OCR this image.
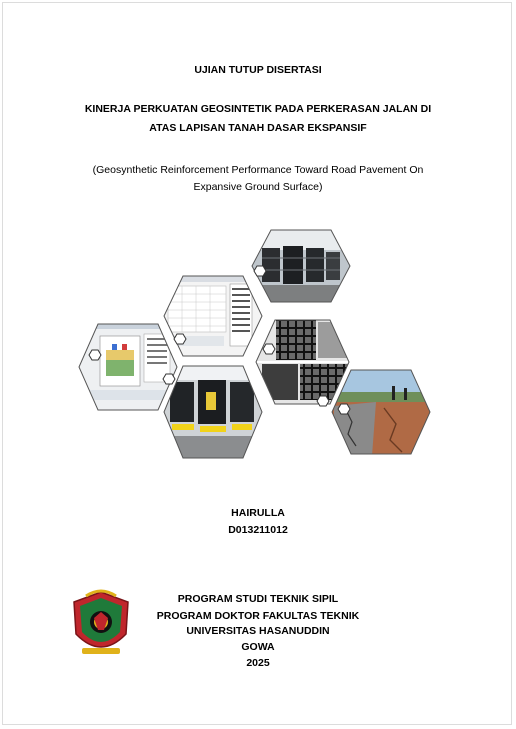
UJIAN TUTUP DISERTASI
KINERJA PERKUATAN GEOSINTETIK PADA PERKERASAN JALAN DI
ATAS LAPISAN TANAH DASAR EKSPANSIF
(Geosynthetic Reinforcement Performance Toward Road Pavement On
Expansive Ground Surface)
HAIRULLA
D013211012
PROGRAM STUDI TEKNIK SIPIL
PROGRAM DOKTOR FAKULTAS TEKNIK
UNIVERSITAS HASANUDDIN
GOWA
2025
